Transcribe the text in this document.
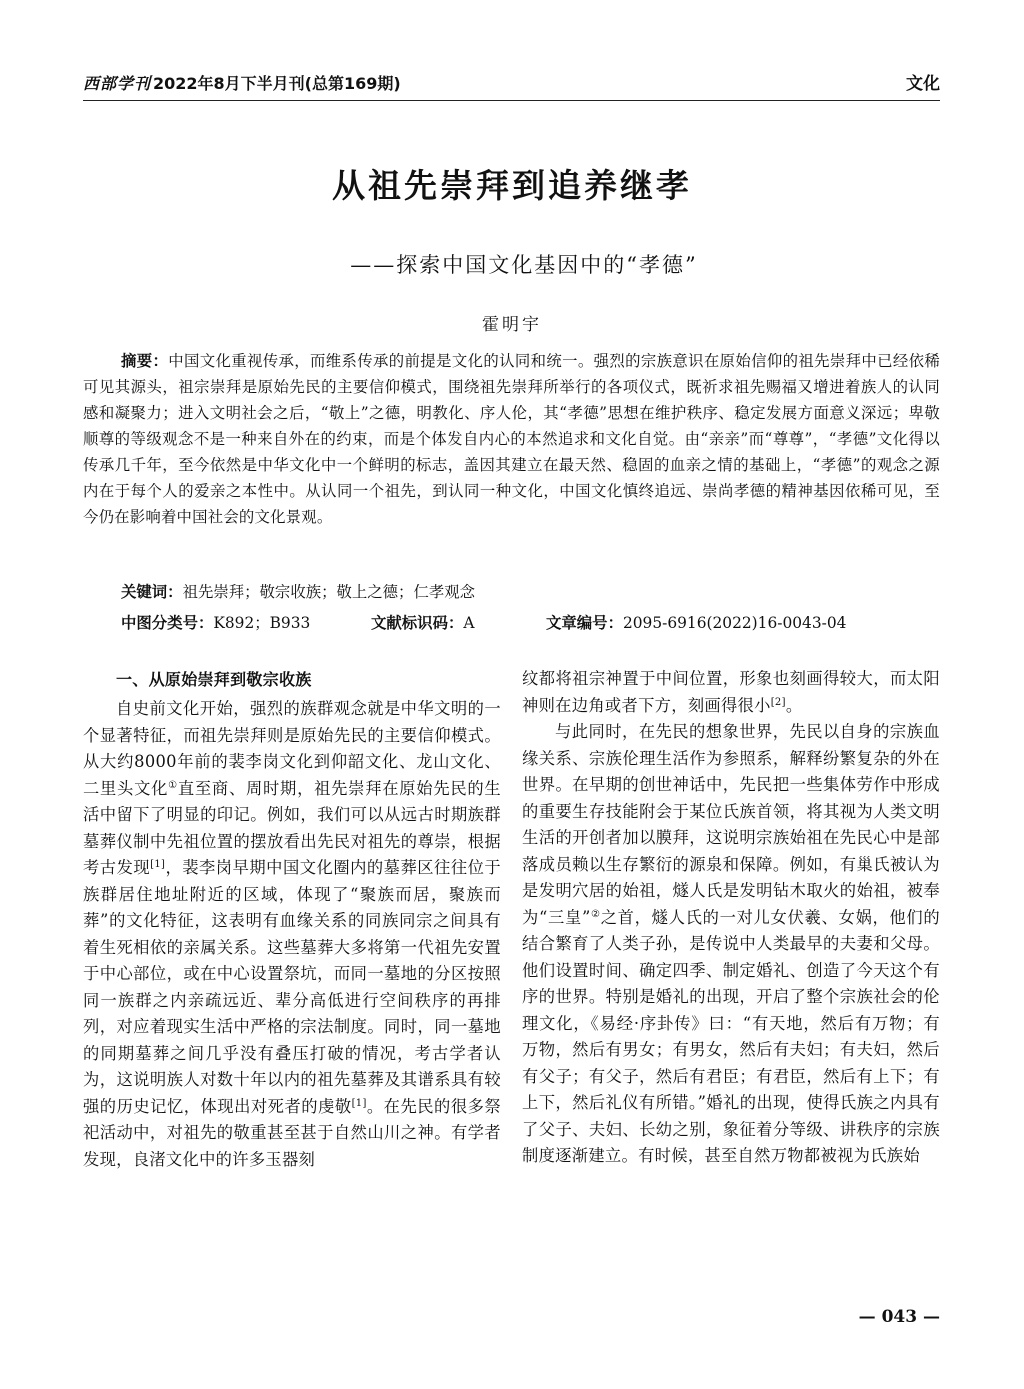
西部学刊 2022年8月下半月刊(总第169期)	文化
从祖先崇拜到追养继孝
——探索中国文化基因中的“孝德”
霍明宇

摘要：中国文化重视传承，而维系传承的前提是文化的认同和统一。强烈的宗族意识在原始信仰的祖先崇拜中已经依稀可见其源头，祖宗崇拜是原始先民的主要信仰模式，围绕祖先崇拜所举行的各项仪式，既祈求祖先赐福又增进着族人的认同感和凝聚力；进入文明社会之后，“敬上”之德，明教化、序人伦，其“孝德”思想在维护秩序、稳定发展方面意义深远；卑敬顺尊的等级观念不是一种来自外在的约束，而是个体发自内心的本然追求和文化自觉。由“亲亲”而“尊尊”，“孝德”文化得以传承几千年，至今依然是中华文化中一个鲜明的标志，盖因其建立在最天然、稳固的血亲之情的基础上，“孝德”的观念之源内在于每个人的爱亲之本性中。从认同一个祖先，到认同一种文化，中国文化慎终追远、崇尚孝德的精神基因依稀可见，至今仍在影响着中国社会的文化景观。

关键词：祖先崇拜；敬宗收族；敬上之德；仁孝观念
中图分类号：K892；B933	文献标识码：A	文章编号：2095-6916(2022)16-0043-04
一、从原始崇拜到敬宗收族

自史前文化开始，强烈的族群观念就是中华文明的一个显著特征，而祖先崇拜则是原始先民的主要信仰模式。从大约8000年前的裴李岗文化到仰韶文化、龙山文化、二里头文化①直至商、周时期，祖先崇拜在原始先民的生活中留下了明显的印记。例如，我们可以从远古时期族群墓葬仪制中先祖位置的摆放看出先民对祖先的尊崇，根据考古发现[1]，裴李岗早期中国文化圈内的墓葬区往往位于族群居住地址附近的区域，体现了“聚族而居，聚族而葬”的文化特征，这表明有血缘关系的同族同宗之间具有着生死相依的亲属关系。这些墓葬大多将第一代祖先安置于中心部位，或在中心设置祭坑，而同一墓地的分区按照同一族群之内亲疏远近、辈分高低进行空间秩序的再排列，对应着现实生活中严格的宗法制度。同时，同一墓地的同期墓葬之间几乎没有叠压打破的情况，考古学者认为，这说明族人对数十年以内的祖先墓葬及其谱系具有较强的历史记忆，体现出对死者的虔敬[1]。在先民的很多祭祀活动中，对祖先的敬重甚至甚于自然山川之神。有学者发现，良渚文化中的许多玉器刻

纹都将祖宗神置于中间位置，形象也刻画得较大，而太阳神则在边角或者下方，刻画得很小[2]。

与此同时，在先民的想象世界，先民以自身的宗族血缘关系、宗族伦理生活作为参照系，解释纷繁复杂的外在世界。在早期的创世神话中，先民把一些集体劳作中形成的重要生存技能附会于某位氏族首领，将其视为人类文明生活的开创者加以膜拜，这说明宗族始祖在先民心中是部落成员赖以生存繁衍的源泉和保障。例如，有巢氏被认为是发明穴居的始祖，燧人氏是发明钻木取火的始祖，被奉为“三皇”②之首，燧人氏的一对儿女伏羲、女娲，他们的结合繁育了人类子孙，是传说中人类最早的夫妻和父母。他们设置时间、确定四季、制定婚礼、创造了今天这个有序的世界。特别是婚礼的出现，开启了整个宗族社会的伦理文化，《易经·序卦传》曰：“有天地，然后有万物；有万物，然后有男女；有男女，然后有夫妇；有夫妇，然后有父子；有父子，然后有君臣；有君臣，然后有上下；有上下，然后礼仪有所错。”婚礼的出现，使得氏族之内具有了父子、夫妇、长幼之别，象征着分等级、讲秩序的宗族制度逐渐建立。有时候，甚至自然万物都被视为氏族始

— 043 —
